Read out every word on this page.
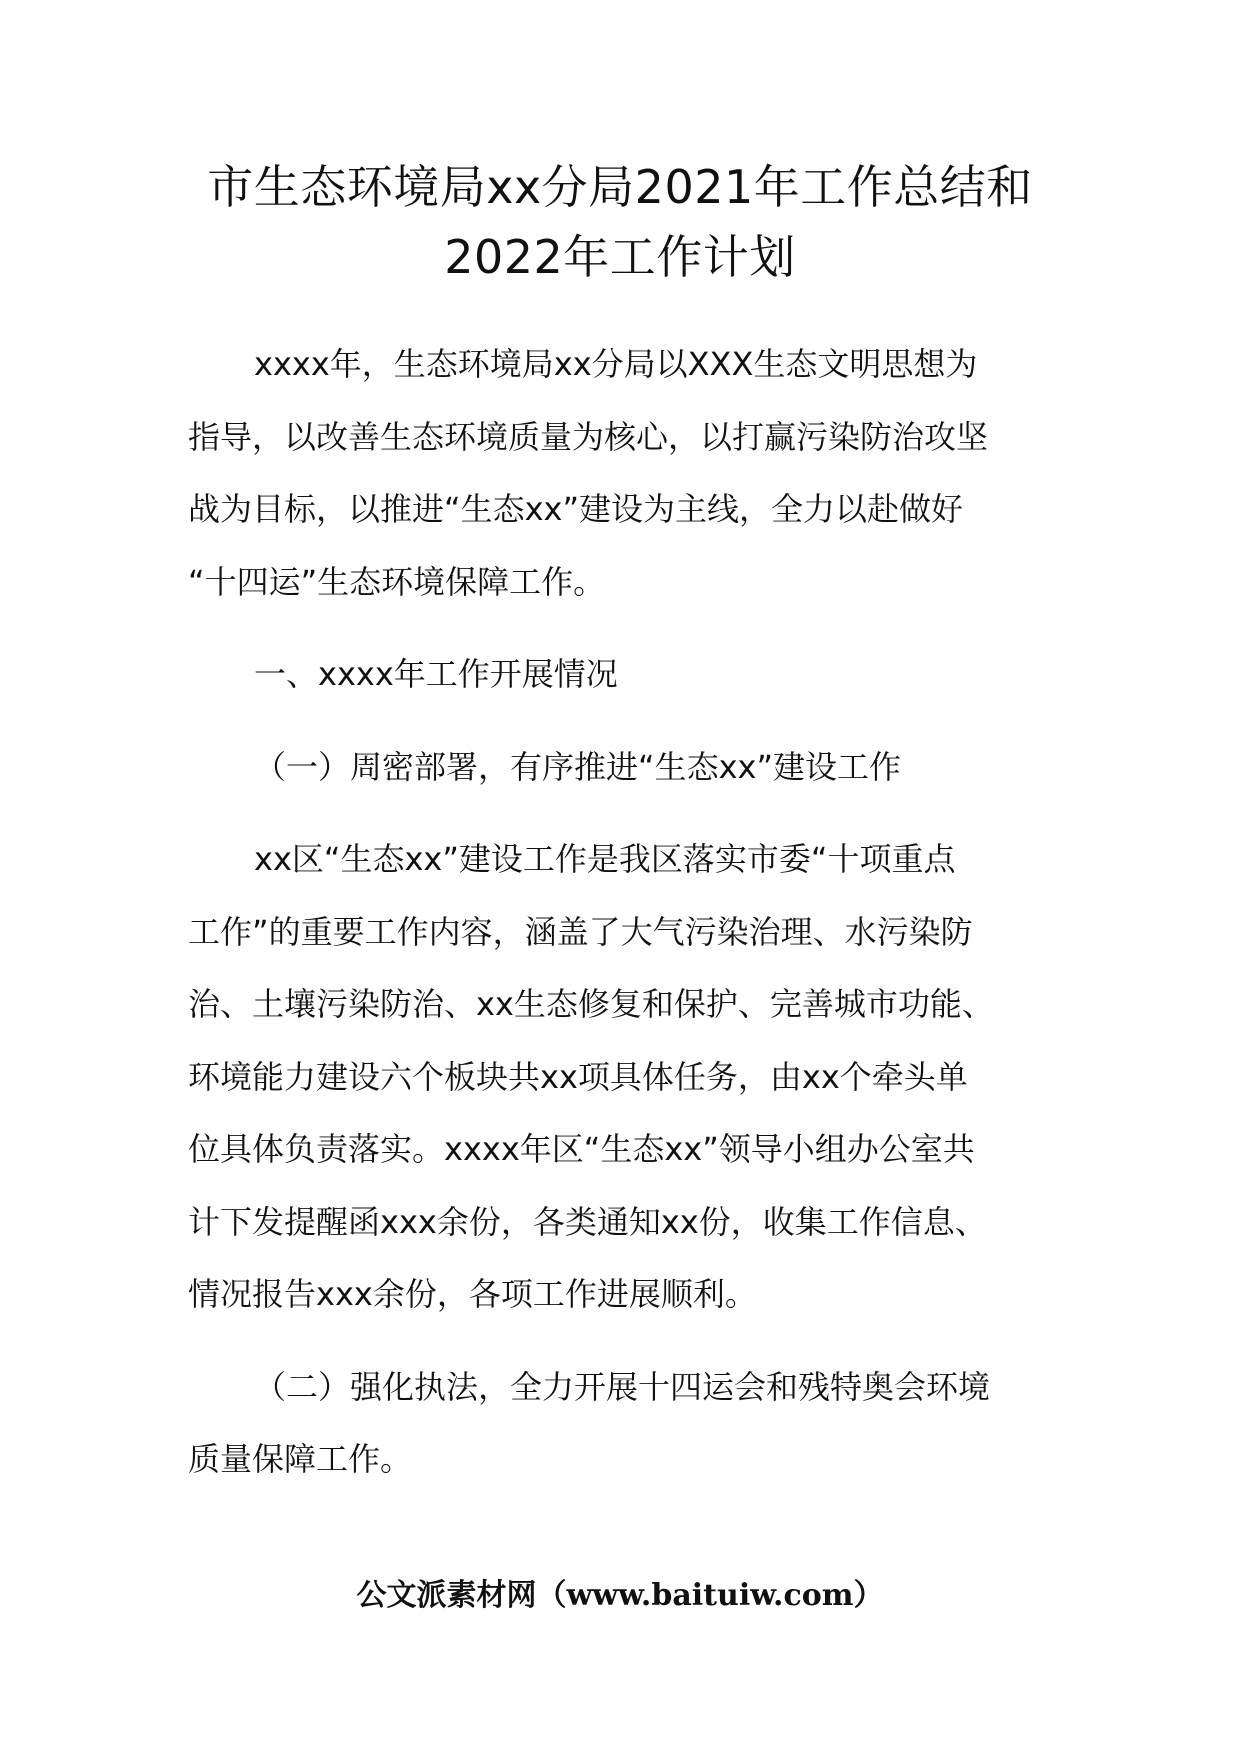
市生态环境局xx分局2021年工作总结和
2022年工作计划

xxxx年，生态环境局xx分局以XXX生态文明思想为

指导，以改善生态环境质量为核心，以打赢污染防治攻坚

战为目标，以推进“生态xx”建设为主线，全力以赴做好

“十四运”生态环境保障工作。

一、xxxx年工作开展情况

（一）周密部署，有序推进“生态xx”建设工作

xx区“生态xx”建设工作是我区落实市委“十项重点

工作”的重要工作内容，涵盖了大气污染治理、水污染防

治、土壤污染防治、xx生态修复和保护、完善城市功能、

环境能力建设六个板块共xx项具体任务，由xx个牵头单

位具体负责落实。xxxx年区“生态xx”领导小组办公室共

计下发提醒函xxx余份，各类通知xx份，收集工作信息、

情况报告xxx余份，各项工作进展顺利。

（二）强化执法，全力开展十四运会和残特奥会环境

质量保障工作。

公文派素材网（www.baituiw.com）
